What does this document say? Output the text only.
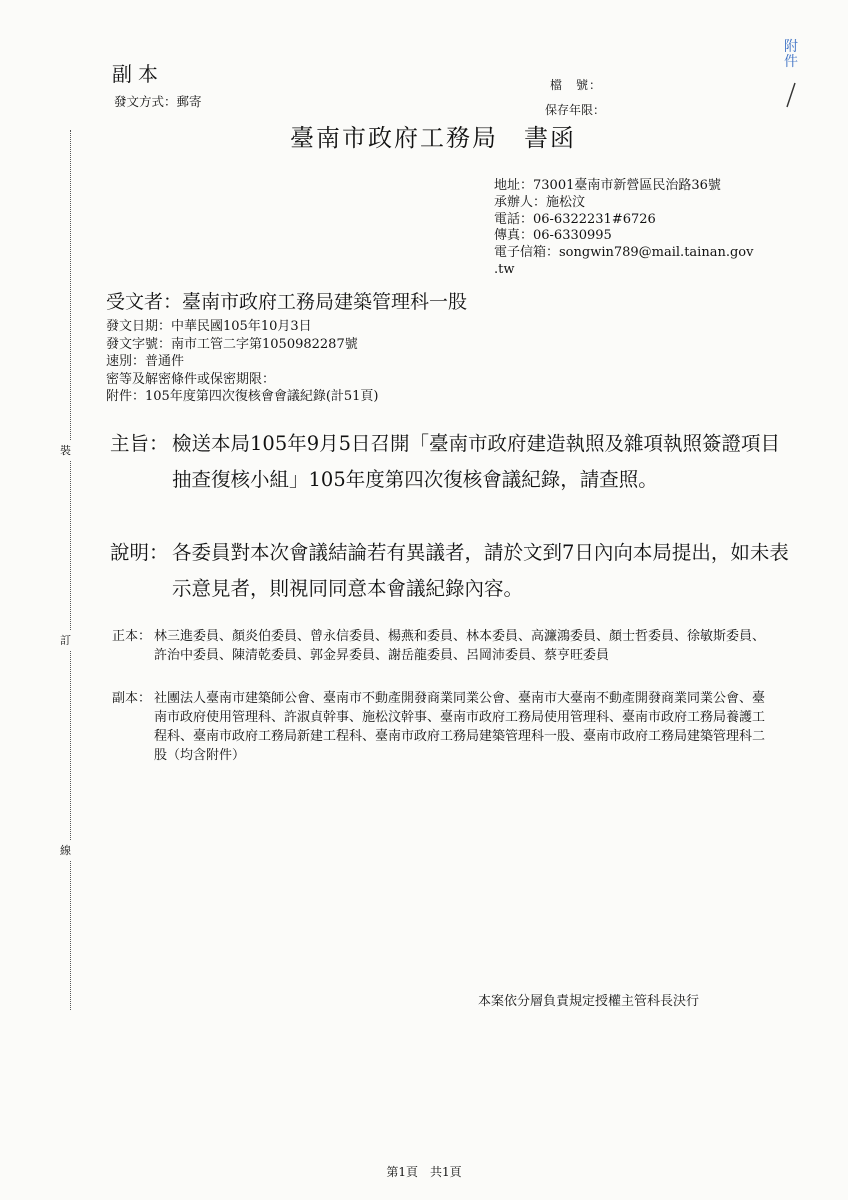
副本
發文方式：郵寄
檔　號：
保存年限：
附件
臺南市政府工務局 書函
地址：73001臺南市新營區民治路36號
承辦人：施松汶
電話：06-6322231#6726
傳真：06-6330995
電子信箱：songwin789@mail.tainan.gov
.tw
裝
訂
線
受文者：臺南市政府工務局建築管理科一股
發文日期：中華民國105年10月3日
發文字號：南市工管二字第1050982287號
速別：普通件
密等及解密條件或保密期限：
附件：105年度第四次復核會會議紀錄(計51頁)
主旨： 檢送本局105年9月5日召開「臺南市政府建造執照及雜項執照簽證項目抽查復核小組」105年度第四次復核會議紀錄，請查照。
說明： 各委員對本次會議結論若有異議者，請於文到7日內向本局提出，如未表示意見者，則視同同意本會議紀錄內容。
正本： 林三進委員、顏炎伯委員、曾永信委員、楊燕和委員、林本委員、高濂鴻委員、顏士哲委員、徐敏斯委員、許治中委員、陳清乾委員、郭金昇委員、謝岳龍委員、呂岡沛委員、蔡亨旺委員
副本： 社團法人臺南市建築師公會、臺南市不動產開發商業同業公會、臺南市大臺南不動產開發商業同業公會、臺南市政府使用管理科、許淑貞幹事、施松汶幹事、臺南市政府工務局使用管理科、臺南市政府工務局養護工程科、臺南市政府工務局新建工程科、臺南市政府工務局建築管理科一股、臺南市政府工務局建築管理科二股（均含附件）
本案依分層負責規定授權主管科長決行
第1頁　共1頁
